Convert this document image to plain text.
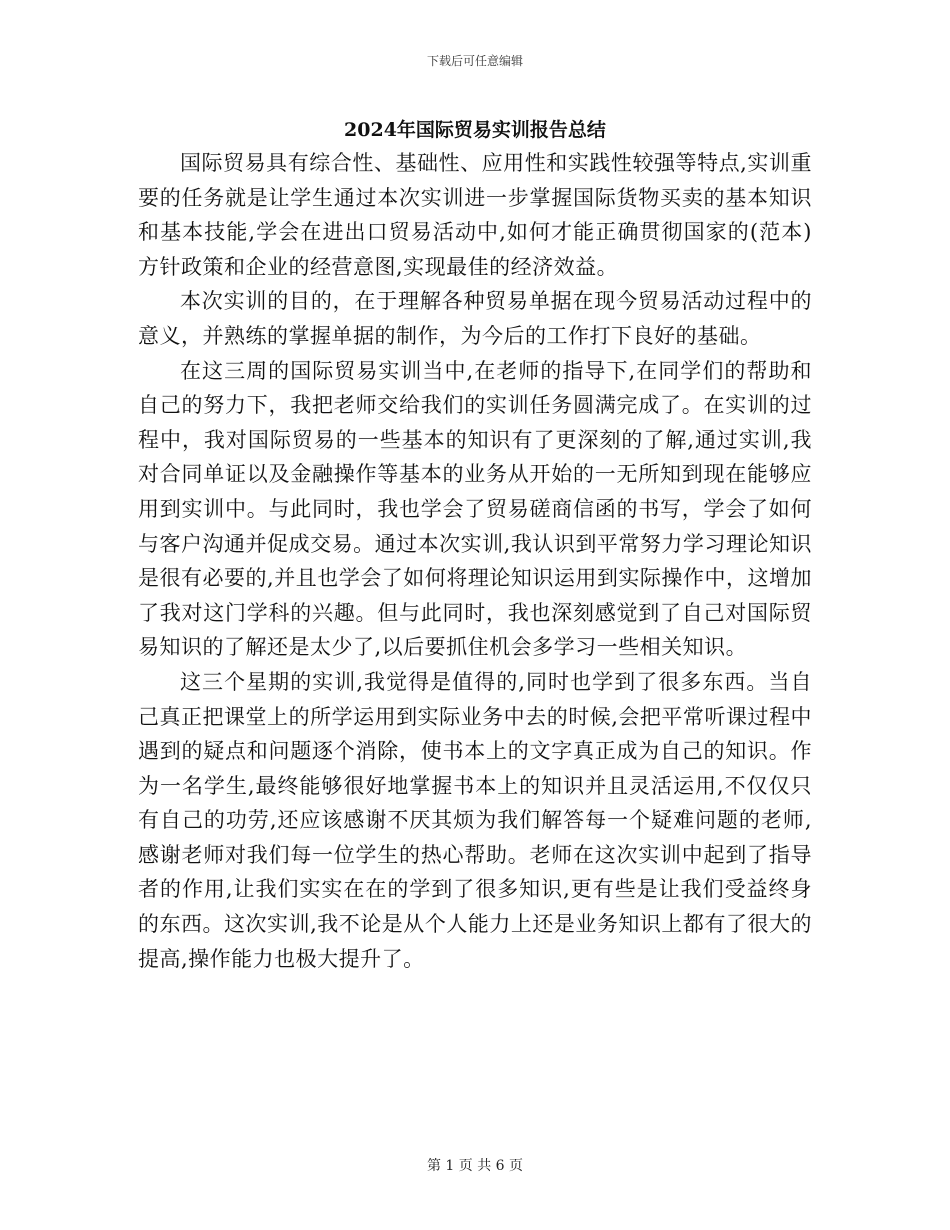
下载后可任意编辑
2024年国际贸易实训报告总结

国际贸易具有综合性、基础性、应用性和实践性较强等特点,实训重要的任务就是让学生通过本次实训进一步掌握国际货物买卖的基本知识和基本技能,学会在进出口贸易活动中,如何才能正确贯彻国家的(范本)方针政策和企业的经营意图,实现最佳的经济效益。

本次实训的目的，在于理解各种贸易单据在现今贸易活动过程中的意义，并熟练的掌握单据的制作，为今后的工作打下良好的基础。

在这三周的国际贸易实训当中,在老师的指导下,在同学们的帮助和自己的努力下，我把老师交给我们的实训任务圆满完成了。在实训的过程中，我对国际贸易的一些基本的知识有了更深刻的了解,通过实训,我对合同单证以及金融操作等基本的业务从开始的一无所知到现在能够应用到实训中。与此同时，我也学会了贸易磋商信函的书写，学会了如何与客户沟通并促成交易。通过本次实训,我认识到平常努力学习理论知识是很有必要的,并且也学会了如何将理论知识运用到实际操作中，这增加了我对这门学科的兴趣。但与此同时，我也深刻感觉到了自己对国际贸易知识的了解还是太少了,以后要抓住机会多学习一些相关知识。

这三个星期的实训,我觉得是值得的,同时也学到了很多东西。当自己真正把课堂上的所学运用到实际业务中去的时候,会把平常听课过程中遇到的疑点和问题逐个消除，使书本上的文字真正成为自己的知识。作为一名学生,最终能够很好地掌握书本上的知识并且灵活运用,不仅仅只有自己的功劳,还应该感谢不厌其烦为我们解答每一个疑难问题的老师,感谢老师对我们每一位学生的热心帮助。老师在这次实训中起到了指导者的作用,让我们实实在在的学到了很多知识,更有些是让我们受益终身的东西。这次实训,我不论是从个人能力上还是业务知识上都有了很大的提高,操作能力也极大提升了。

第 1 页 共 6 页
